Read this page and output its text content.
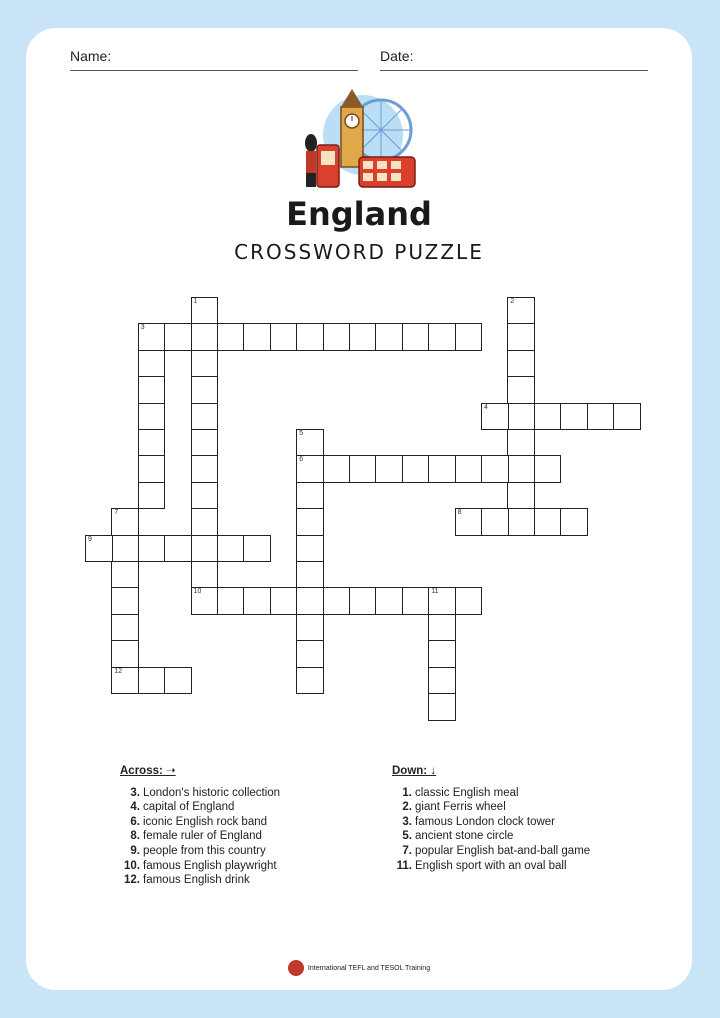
Name:	Date:
England
CROSSWORD PUZZLE
Across: ➝
3. London's historic collection
4. capital of England
6. iconic English rock band
8. female ruler of England
9. people from this country
10. famous English playwright
12. famous English drink
Down: ↓
1. classic English meal
2. giant Ferris wheel
3. famous London clock tower
5. ancient stone circle
7. popular English bat-and-ball game
11. English sport with an oval ball
International TEFL and TESOL Training
1
10
2
3
4
5
6
7
12
8
9
11
